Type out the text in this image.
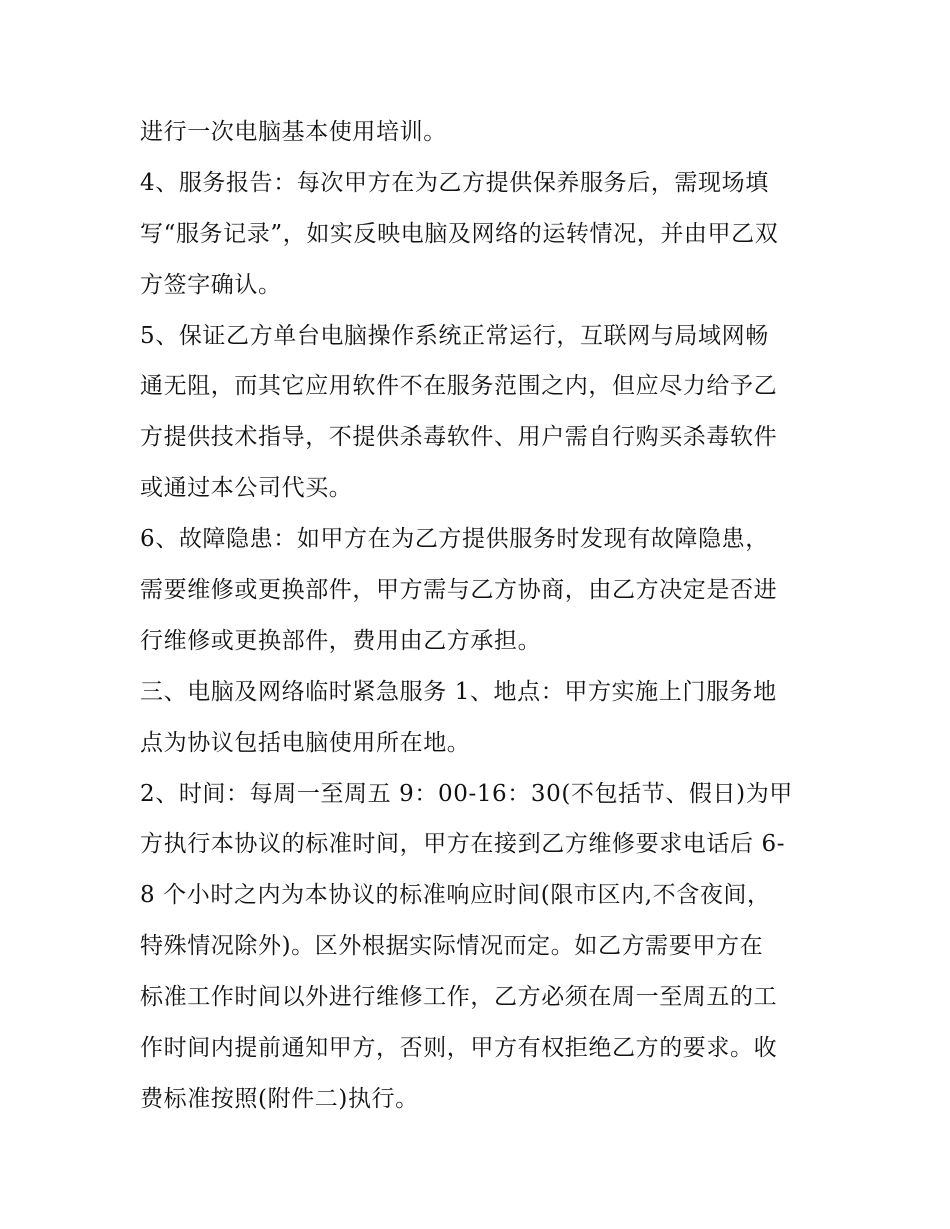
进行一次电脑基本使用培训。
4、服务报告：每次甲方在为乙方提供保养服务后，需现场填
写“服务记录”，如实反映电脑及网络的运转情况，并由甲乙双
方签字确认。
5、保证乙方单台电脑操作系统正常运行，互联网与局域网畅
通无阻，而其它应用软件不在服务范围之内，但应尽力给予乙
方提供技术指导，不提供杀毒软件、用户需自行购买杀毒软件
或通过本公司代买。
6、故障隐患：如甲方在为乙方提供服务时发现有故障隐患，
需要维修或更换部件，甲方需与乙方协商，由乙方决定是否进
行维修或更换部件，费用由乙方承担。
三、电脑及网络临时紧急服务 1、地点：甲方实施上门服务地
点为协议包括电脑使用所在地。
2、时间：每周一至周五 9：00-16：30(不包括节、假日)为甲
方执行本协议的标准时间，甲方在接到乙方维修要求电话后 6-
8 个小时之内为本协议的标准响应时间(限市区内,不含夜间，
特殊情况除外)。区外根据实际情况而定。如乙方需要甲方在
标准工作时间以外进行维修工作，乙方必须在周一至周五的工
作时间内提前通知甲方，否则，甲方有权拒绝乙方的要求。收
费标准按照(附件二)执行。
